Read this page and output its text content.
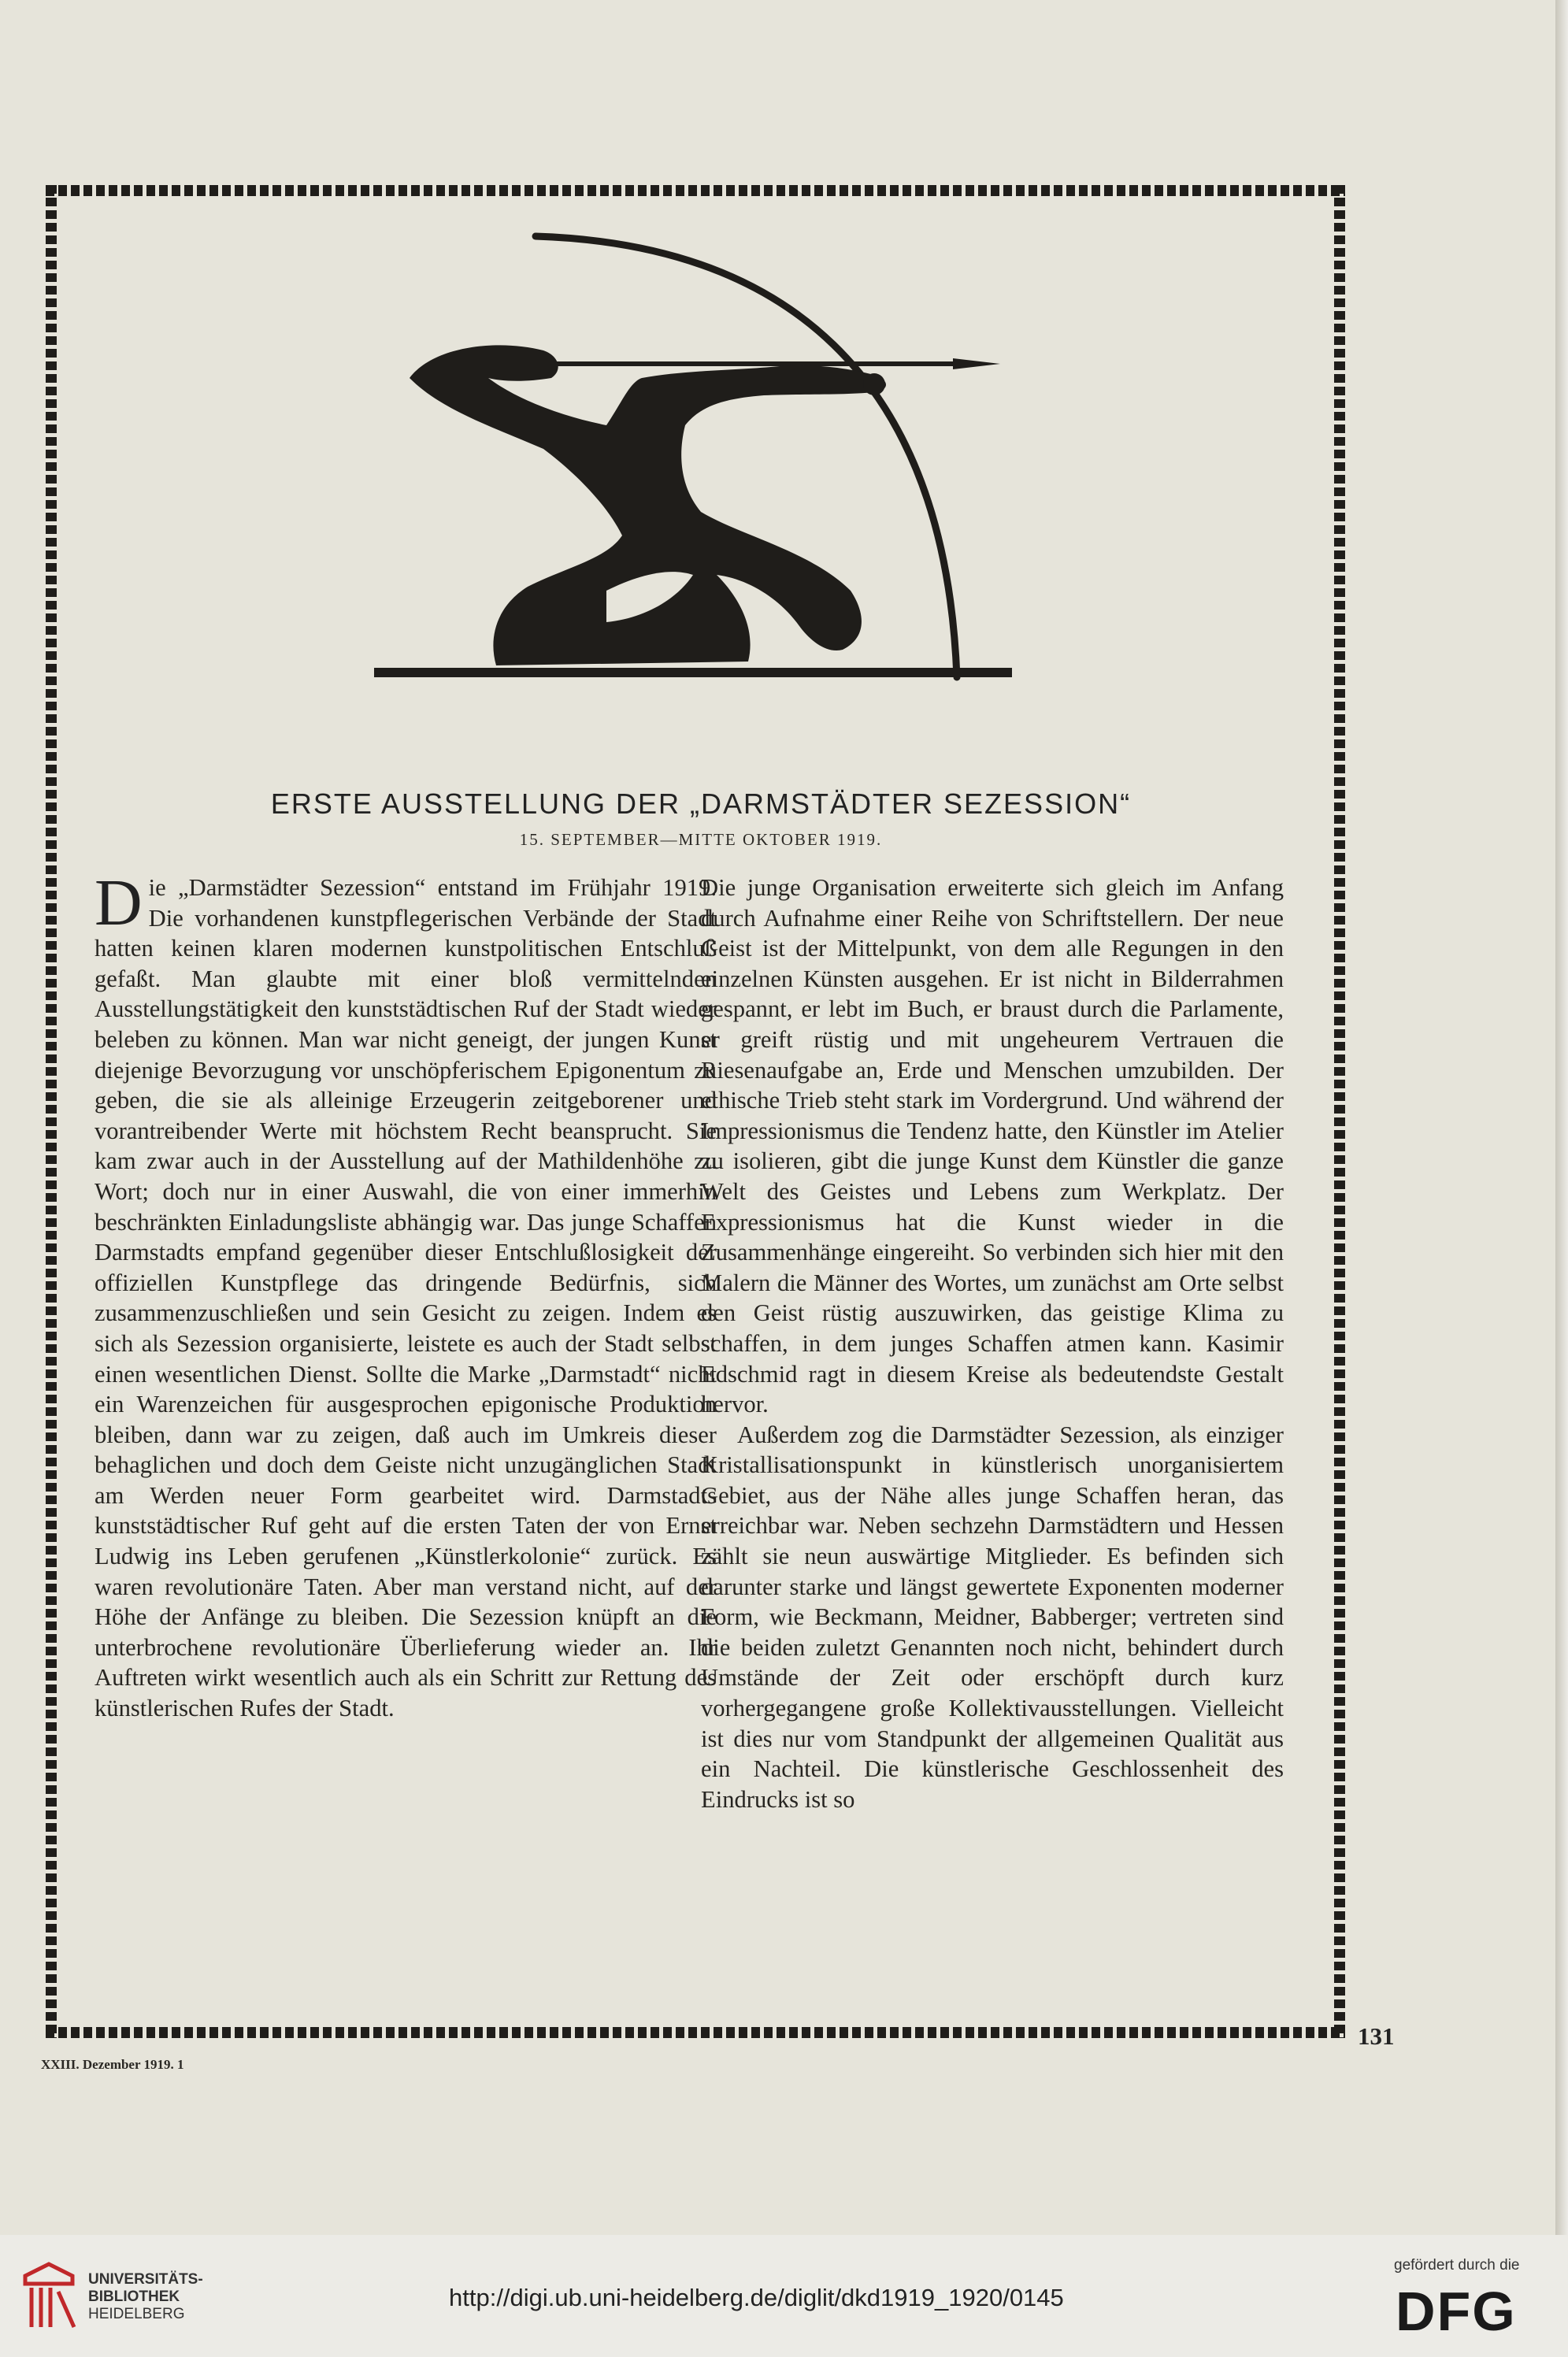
ERSTE AUSSTELLUNG DER „DARMSTÄDTER SEZESSION“
15. SEPTEMBER—MITTE OKTOBER 1919.

Die „Darmstädter Sezession“ entstand im Frühjahr 1919. Die vorhandenen kunstpflegerischen Verbände der Stadt hatten keinen klaren modernen kunstpolitischen Entschluß gefaßt. Man glaubte mit einer bloß vermittelnden Ausstellungstätigkeit den kunststädtischen Ruf der Stadt wieder beleben zu können. Man war nicht geneigt, der jungen Kunst diejenige Bevorzugung vor unschöpferischem Epigonentum zu geben, die sie als alleinige Erzeugerin zeitgeborener und vorantreibender Werte mit höchstem Recht beansprucht. Sie kam zwar auch in der Ausstellung auf der Mathildenhöhe zu Wort; doch nur in einer Auswahl, die von einer immerhin beschränkten Einladungsliste abhängig war. Das junge Schaffen Darmstadts empfand gegenüber dieser Entschlußlosigkeit der offiziellen Kunstpflege das dringende Bedürfnis, sich zusammenzuschließen und sein Gesicht zu zeigen. Indem es sich als Sezession organisierte, leistete es auch der Stadt selbst einen wesentlichen Dienst. Sollte die Marke „Darmstadt“ nicht ein Warenzeichen für ausgesprochen epigonische Produktion bleiben, dann war zu zeigen, daß auch im Umkreis dieser behaglichen und doch dem Geiste nicht unzugänglichen Stadt am Werden neuer Form gearbeitet wird. Darmstadts kunststädtischer Ruf geht auf die ersten Taten der von Ernst Ludwig ins Leben gerufenen „Künstlerkolonie“ zurück. Es waren revolutionäre Taten. Aber man verstand nicht, auf der Höhe der Anfänge zu bleiben. Die Sezession knüpft an die unterbrochene revolutionäre Überlieferung wieder an. Ihr Auftreten wirkt wesentlich auch als ein Schritt zur Rettung des künstlerischen Rufes der Stadt.

Die junge Organisation erweiterte sich gleich im Anfang durch Aufnahme einer Reihe von Schriftstellern. Der neue Geist ist der Mittelpunkt, von dem alle Regungen in den einzelnen Künsten ausgehen. Er ist nicht in Bilderrahmen gespannt, er lebt im Buch, er braust durch die Parlamente, er greift rüstig und mit ungeheurem Vertrauen die Riesenaufgabe an, Erde und Menschen umzubilden. Der ethische Trieb steht stark im Vordergrund. Und während der Impressionismus die Tendenz hatte, den Künstler im Atelier zu isolieren, gibt die junge Kunst dem Künstler die ganze Welt des Geistes und Lebens zum Werkplatz. Der Expressionismus hat die Kunst wieder in die Zusammenhänge eingereiht. So verbinden sich hier mit den Malern die Männer des Wortes, um zunächst am Orte selbst den Geist rüstig auszuwirken, das geistige Klima zu schaffen, in dem junges Schaffen atmen kann. Kasimir Edschmid ragt in diesem Kreise als bedeutendste Gestalt hervor.

Außerdem zog die Darmstädter Sezession, als einziger Kristallisationspunkt in künstlerisch unorganisiertem Gebiet, aus der Nähe alles junge Schaffen heran, das erreichbar war. Neben sechzehn Darmstädtern und Hessen zählt sie neun auswärtige Mitglieder. Es befinden sich darunter starke und längst gewertete Exponenten moderner Form, wie Beckmann, Meidner, Babberger; vertreten sind die beiden zuletzt Genannten noch nicht, behindert durch Umstände der Zeit oder erschöpft durch kurz vorhergegangene große Kollektivausstellungen. Vielleicht ist dies nur vom Standpunkt der allgemeinen Qualität aus ein Nachteil. Die künstlerische Geschlossenheit des Eindrucks ist so

131
XXIII. Dezember 1919. 1
UNIVERSITÄTS-
BIBLIOTHEK
HEIDELBERG
http://digi.ub.uni-heidelberg.de/diglit/dkd1919_1920/0145
gefördert durch die
DFG
